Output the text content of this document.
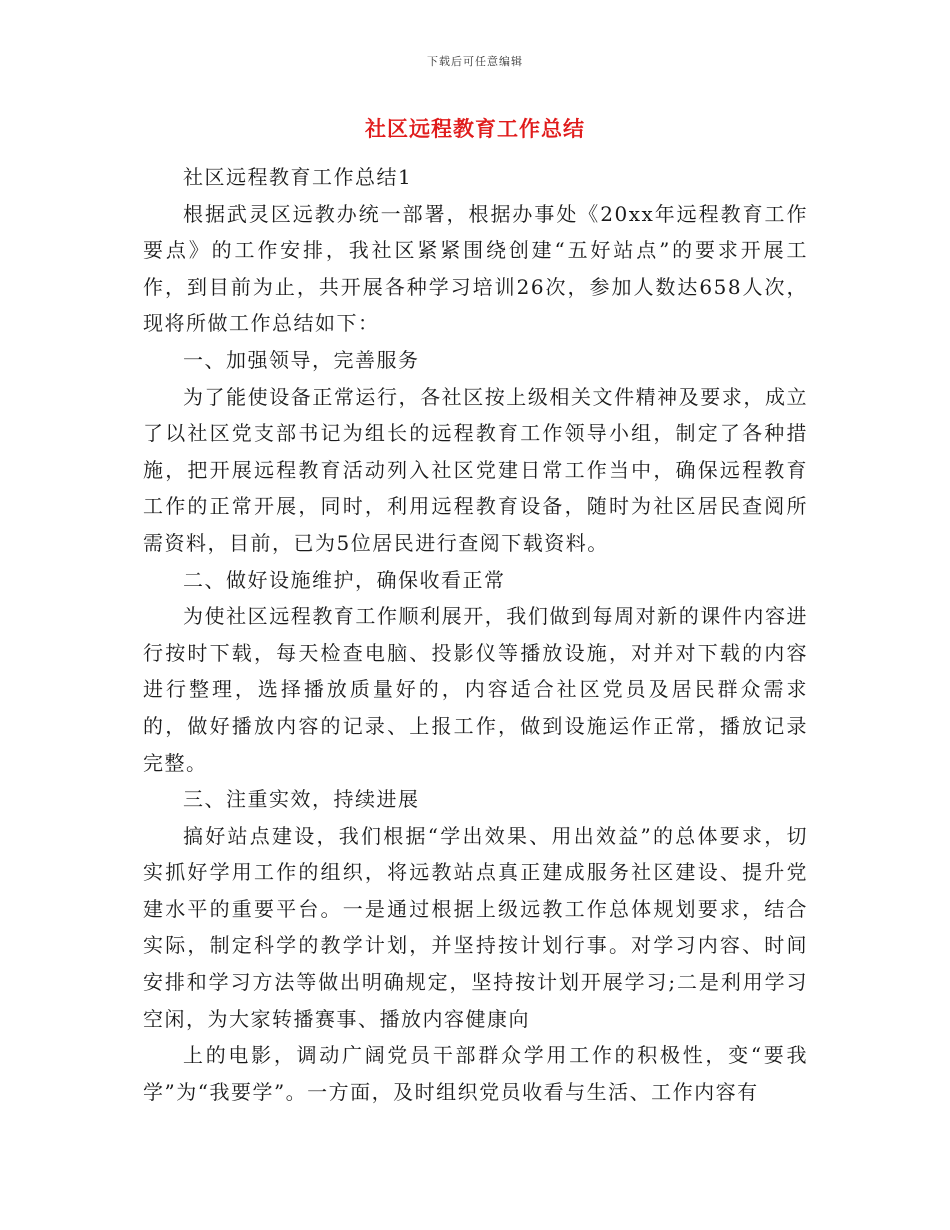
下载后可任意编辑
社区远程教育工作总结

社区远程教育工作总结1

根据武灵区远教办统一部署，根据办事处《20xx年远程教育工作要点》的工作安排，我社区紧紧围绕创建“五好站点”的要求开展工作，到目前为止，共开展各种学习培训26次，参加人数达658人次，现将所做工作总结如下：

一、加强领导，完善服务

为了能使设备正常运行，各社区按上级相关文件精神及要求，成立了以社区党支部书记为组长的远程教育工作领导小组，制定了各种措施，把开展远程教育活动列入社区党建日常工作当中，确保远程教育工作的正常开展，同时，利用远程教育设备，随时为社区居民查阅所需资料，目前，已为5位居民进行查阅下载资料。

二、做好设施维护，确保收看正常

为使社区远程教育工作顺利展开，我们做到每周对新的课件内容进行按时下载，每天检查电脑、投影仪等播放设施，对并对下载的内容进行整理，选择播放质量好的，内容适合社区党员及居民群众需求的，做好播放内容的记录、上报工作，做到设施运作正常，播放记录完整。

三、注重实效，持续进展

搞好站点建设，我们根据“学出效果、用出效益”的总体要求，切实抓好学用工作的组织，将远教站点真正建成服务社区建设、提升党建水平的重要平台。一是通过根据上级远教工作总体规划要求，结合实际，制定科学的教学计划，并坚持按计划行事。对学习内容、时间安排和学习方法等做出明确规定，坚持按计划开展学习;二是利用学习空闲，为大家转播赛事、播放内容健康向

上的电影，调动广阔党员干部群众学用工作的积极性，变“要我学”为“我要学”。一方面，及时组织党员收看与生活、工作内容有
